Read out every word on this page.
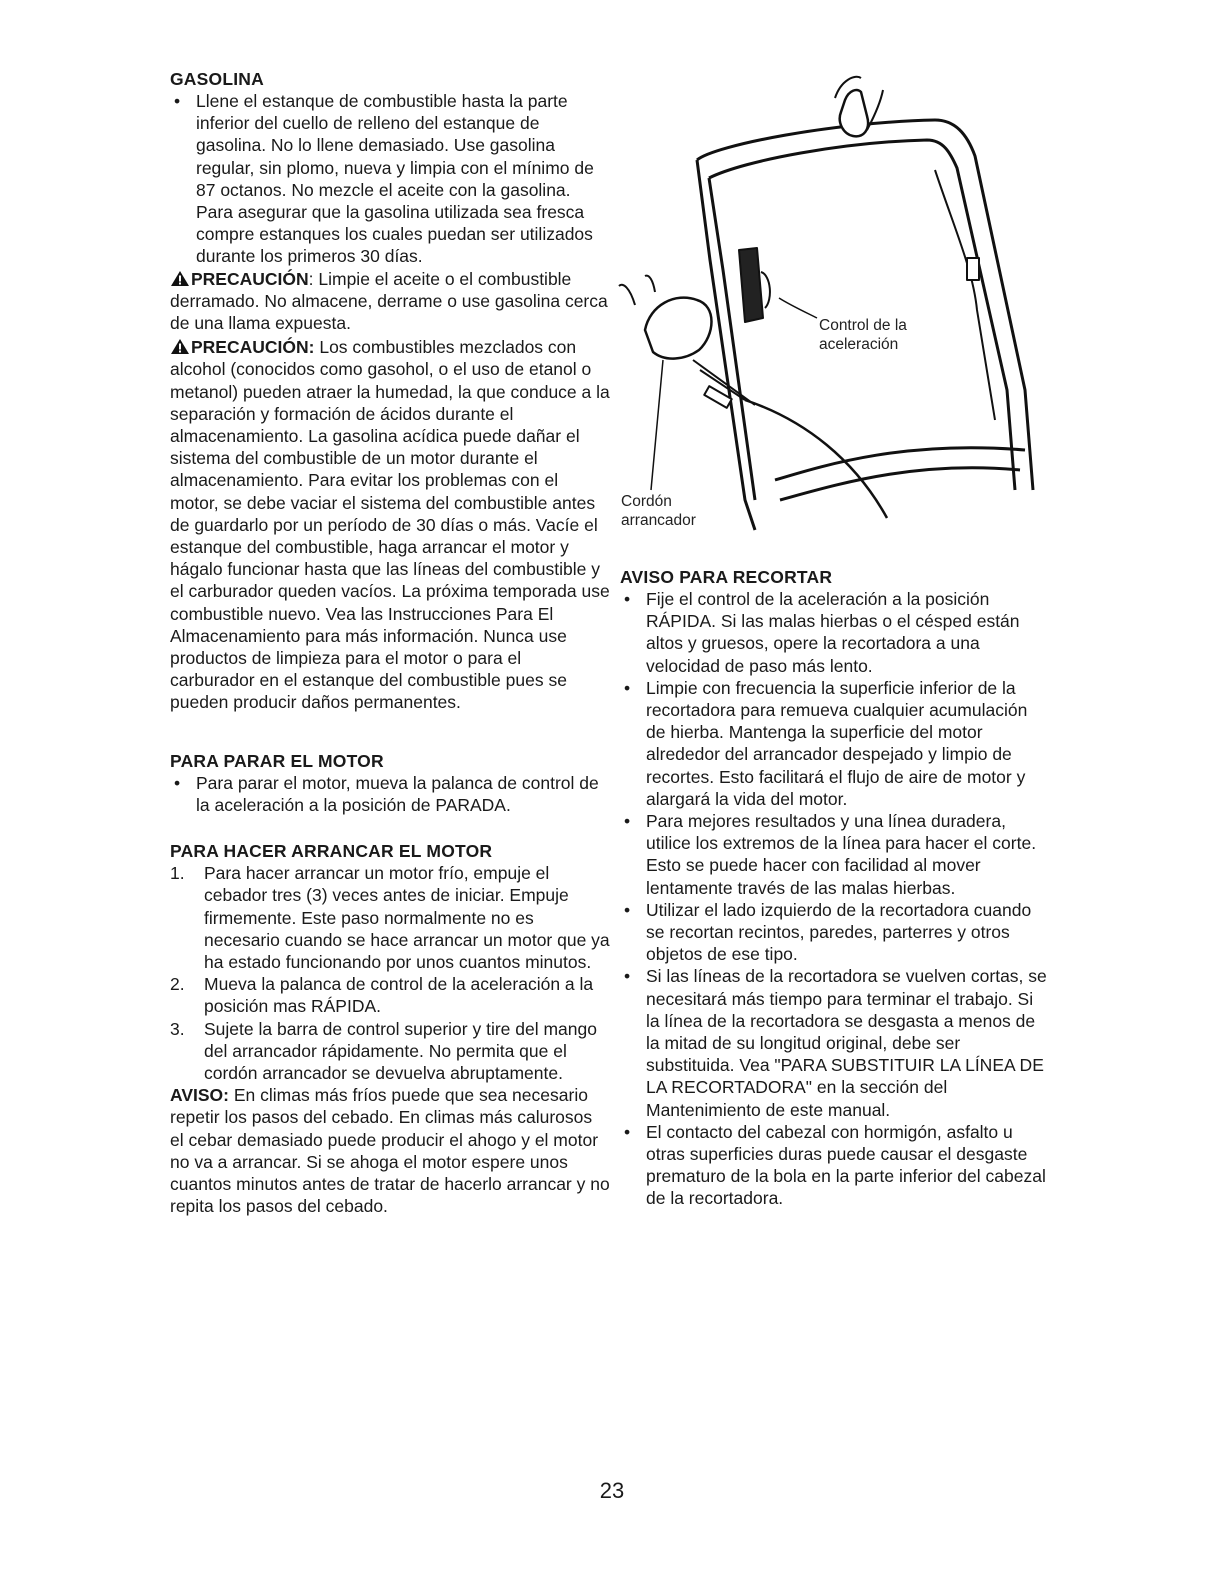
GASOLINA
• Llene el estanque de combustible hasta la parte inferior del cuello de relleno del estanque de gasolina. No lo llene demasiado. Use gasolina regular, sin plomo, nueva y limpia con el mínimo de 87 octanos. No mezcle el aceite con la gasolina. Para asegurar que la gasolina utilizada sea fresca compre estanques los cuales puedan ser utilizados durante los primeros 30 días.

PRECAUCIÓN: Limpie el aceite o el combustible derramado. No almacene, derrame o use gasolina cerca de una llama expuesta.

PRECAUCIÓN: Los combustibles mezclados con alcohol (conocidos como gasohol, o el uso de etanol o metanol) pueden atraer la humedad, la que conduce a la separación y formación de ácidos durante el almacenamiento. La gasolina acídica puede dañar el sistema del combustible de un motor durante el almacenamiento. Para evitar los problemas con el motor, se debe vaciar el sistema del combustible antes de guardarlo por un período de 30 días o más. Vacíe el estanque del combustible, haga arrancar el motor y hágalo funcionar hasta que las líneas del combustible y el carburador queden vacíos. La próxima temporada use combustible nuevo. Vea las Instrucciones Para El Almacenamiento para más información. Nunca use productos de limpieza para el motor o para el carburador en el estanque del combustible pues se pueden producir daños permanentes.

PARA PARAR EL MOTOR
• Para parar el motor, mueva la palanca de control de la aceleración a la posición de PARADA.
PARA HACER ARRANCAR EL MOTOR
1. Para hacer arrancar un motor frío, empuje el cebador tres (3) veces antes de iniciar. Empuje firmemente. Este paso normalmente no es necesario cuando se hace arrancar un motor que ya ha estado funcionando por unos cuantos minutos.
2. Mueva la palanca de control de la aceleración a la posición mas RÁPIDA.
3. Sujete la barra de control superior y tire del mango del arrancador rápidamente. No permita que el cordón arrancador se devuelva abruptamente.

AVISO: En climas más fríos puede que sea necesario repetir los pasos del cebado. En climas más calurosos el cebar demasiado puede producir el ahogo y el motor no va a arrancar. Si se ahoga el motor espere unos cuantos minutos antes de tratar de hacerlo arrancar y no repita los pasos del cebado.

Control de la
aceleración
Cordón
arrancador
AVISO PARA RECORTAR
• Fije el control de la aceleración a la posición RÁPIDA. Si las malas hierbas o el césped están altos y gruesos, opere la recortadora a una velocidad de paso más lento.
• Limpie con frecuencia la superficie inferior de la recortadora para remueva cualquier acumulación de hierba. Mantenga la superficie del motor alrededor del arrancador despejado y limpio de recortes. Esto facilitará el flujo de aire de motor y alargará la vida del motor.
• Para mejores resultados y una línea duradera, utilice los extremos de la línea para hacer el corte. Esto se puede hacer con facilidad al mover lentamente través de las malas hierbas.
• Utilizar el lado izquierdo de la recortadora cuando se recortan recintos, paredes, parterres y otros objetos de ese tipo.
• Si las líneas de la recortadora se vuelven cortas, se necesitará más tiempo para terminar el trabajo. Si la línea de la recortadora se desgasta a menos de la mitad de su longitud original, debe ser substituida. Vea "PARA SUBSTITUIR LA LÍNEA DE LA RECORTADORA" en la sección del Mantenimiento de este manual.
• El contacto del cabezal con hormigón, asfalto u otras superficies duras puede causar el desgaste prematuro de la bola en la parte inferior del cabezal de la recortadora.
23
